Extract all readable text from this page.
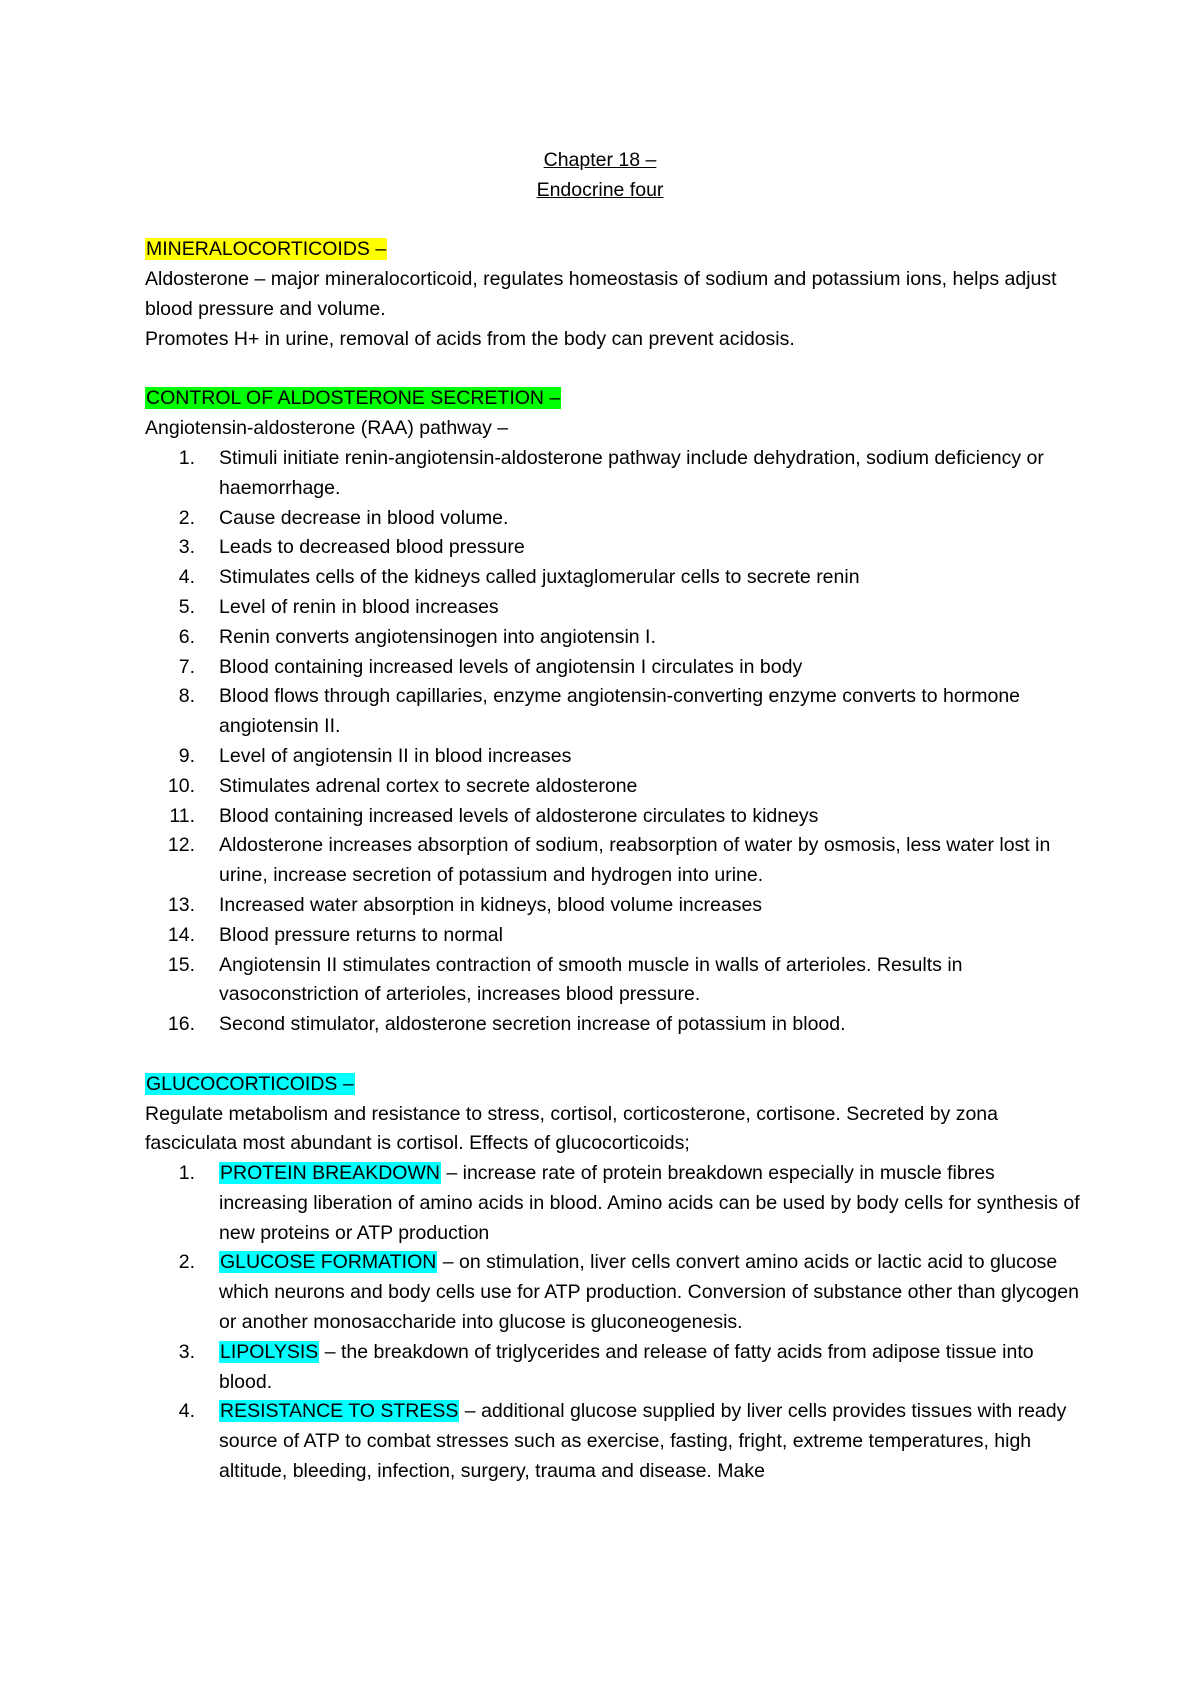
Chapter 18 –
Endocrine four
MINERALOCORTICOIDS –

Aldosterone – major mineralocorticoid, regulates homeostasis of sodium and potassium ions, helps adjust blood pressure and volume.

Promotes H+ in urine, removal of acids from the body can prevent acidosis.

CONTROL OF ALDOSTERONE SECRETION –

Angiotensin-aldosterone (RAA) pathway –

1. Stimuli initiate renin-angiotensin-aldosterone pathway include dehydration, sodium deficiency or haemorrhage.
2. Cause decrease in blood volume.
3. Leads to decreased blood pressure
4. Stimulates cells of the kidneys called juxtaglomerular cells to secrete renin
5. Level of renin in blood increases
6. Renin converts angiotensinogen into angiotensin I.
7. Blood containing increased levels of angiotensin I circulates in body
8. Blood flows through capillaries, enzyme angiotensin-converting enzyme converts to hormone angiotensin II.
9. Level of angiotensin II in blood increases
10. Stimulates adrenal cortex to secrete aldosterone
11. Blood containing increased levels of aldosterone circulates to kidneys
12. Aldosterone increases absorption of sodium, reabsorption of water by osmosis, less water lost in urine, increase secretion of potassium and hydrogen into urine.
13. Increased water absorption in kidneys, blood volume increases
14. Blood pressure returns to normal
15. Angiotensin II stimulates contraction of smooth muscle in walls of arterioles. Results in vasoconstriction of arterioles, increases blood pressure.
16. Second stimulator, aldosterone secretion increase of potassium in blood.
GLUCOCORTICOIDS –

Regulate metabolism and resistance to stress, cortisol, corticosterone, cortisone. Secreted by zona fasciculata most abundant is cortisol. Effects of glucocorticoids;

1. PROTEIN BREAKDOWN – increase rate of protein breakdown especially in muscle fibres increasing liberation of amino acids in blood. Amino acids can be used by body cells for synthesis of new proteins or ATP production
2. GLUCOSE FORMATION – on stimulation, liver cells convert amino acids or lactic acid to glucose which neurons and body cells use for ATP production. Conversion of substance other than glycogen or another monosaccharide into glucose is gluconeogenesis.
3. LIPOLYSIS – the breakdown of triglycerides and release of fatty acids from adipose tissue into blood.
4. RESISTANCE TO STRESS – additional glucose supplied by liver cells provides tissues with ready source of ATP to combat stresses such as exercise, fasting, fright, extreme temperatures, high altitude, bleeding, infection, surgery, trauma and disease. Make
